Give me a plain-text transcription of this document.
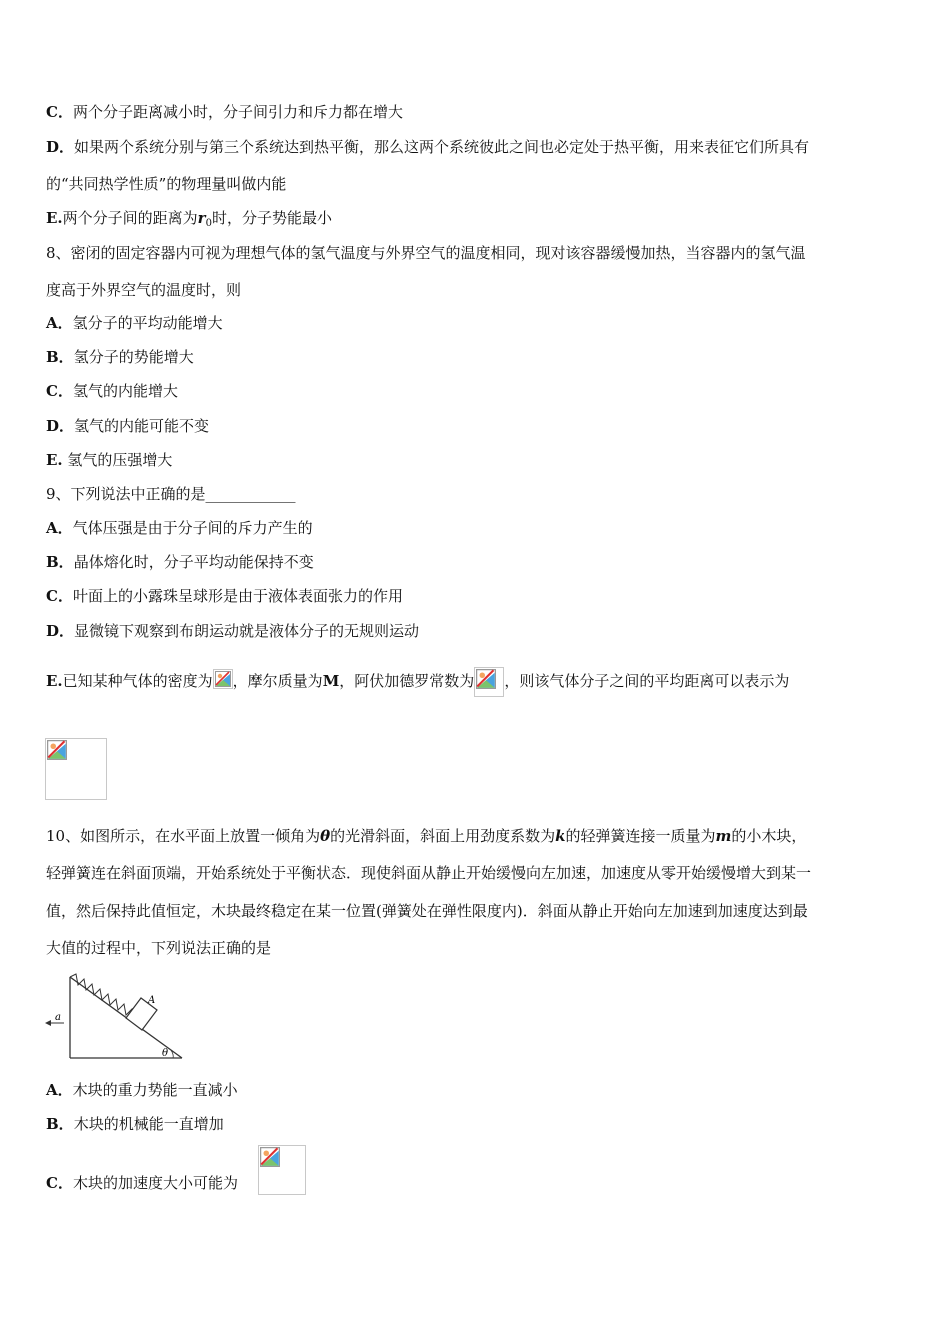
C．两个分子距离减小时，分子间引力和斥力都在增大
D．如果两个系统分别与第三个系统达到热平衡，那么这两个系统彼此之间也必定处于热平衡，用来表征它们所具有
的“共同热学性质”的物理量叫做内能
E.两个分子间的距离为$r_0$时，分子势能最小
8、密闭的固定容器内可视为理想气体的氢气温度与外界空气的温度相同，现对该容器缓慢加热，当容器内的氢气温
度高于外界空气的温度时，则
A．氢分子的平均动能增大
B．氢分子的势能增大
C．氢气的内能增大
D．氢气的内能可能不变
E. 氢气的压强增大
9、下列说法中正确的是____________
A．气体压强是由于分子间的斥力产生的
B．晶体熔化时，分子平均动能保持不变
C．叶面上的小露珠呈球形是由于液体表面张力的作用
D．显微镜下观察到布朗运动就是液体分子的无规则运动
E.已知某种气体的密度为 ，摩尔质量为M，阿伏加德罗常数为 ，则该气体分子之间的平均距离可以表示为
10、如图所示，在水平面上放置一倾角为θ的光滑斜面，斜面上用劲度系数为k的轻弹簧连接一质量为m的小木块，
轻弹簧连在斜面顶端，开始系统处于平衡状态．现使斜面从静止开始缓慢向左加速，加速度从零开始缓慢增大到某一
值，然后保持此值恒定，木块最终稳定在某一位置(弹簧处在弹性限度内)．斜面从静止开始向左加速到加速度达到最
大值的过程中，下列说法正确的是
A
a
θ
A．木块的重力势能一直减小
B．木块的机械能一直增加
C．木块的加速度大小可能为
